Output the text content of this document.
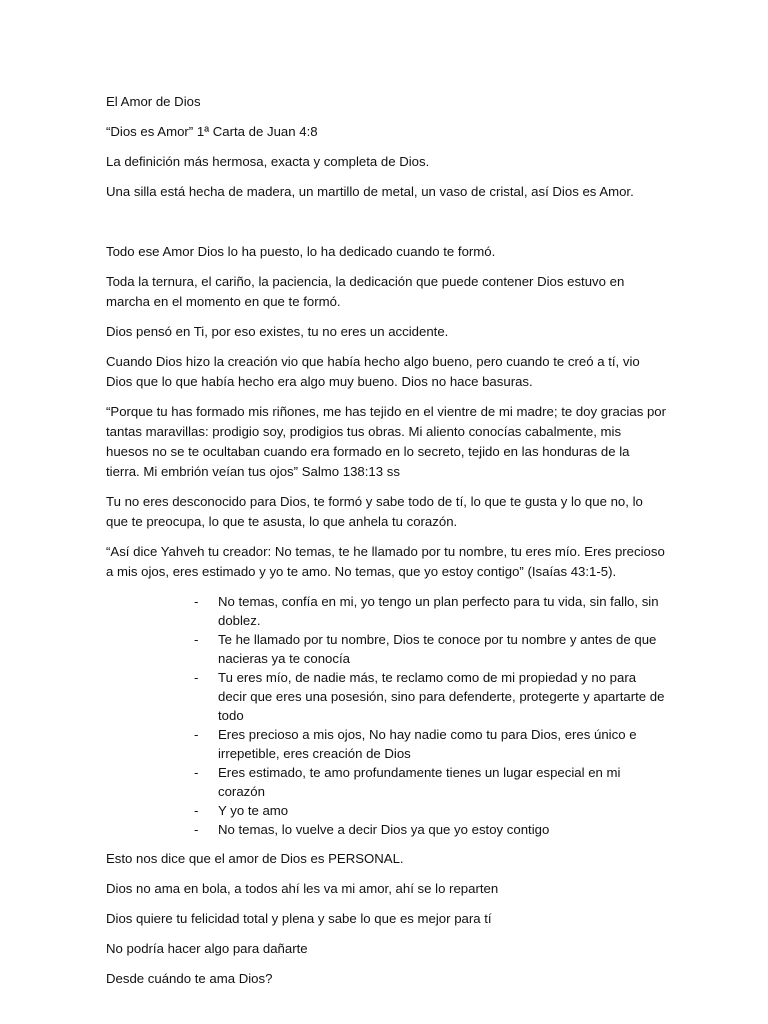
El Amor de Dios

“Dios es Amor” 1ª Carta de Juan 4:8

La definición más hermosa, exacta y completa de Dios.

Una silla está hecha de madera, un martillo de metal, un vaso de cristal, así Dios es Amor.

Todo ese Amor Dios lo ha puesto, lo ha dedicado cuando te formó.

Toda la ternura, el cariño, la paciencia, la dedicación que puede contener Dios estuvo en marcha en el momento en que te formó.

Dios pensó en Ti, por eso existes, tu no eres un accidente.

Cuando Dios hizo la creación vio que había hecho algo bueno, pero cuando te creó a tí, vio Dios que lo que había hecho era algo muy bueno. Dios no hace basuras.

“Porque tu has formado mis riñones, me has tejido en el vientre de mi madre; te doy gracias por tantas maravillas: prodigio soy, prodigios tus obras. Mi aliento conocías cabalmente, mis huesos no se te ocultaban cuando era formado en lo secreto, tejido en las honduras de la tierra. Mi embrión veían tus ojos” Salmo 138:13 ss

Tu no eres desconocido para Dios, te formó y sabe todo de tí, lo que te gusta y lo que no, lo que te preocupa, lo que te asusta, lo que anhela tu corazón.

“Así dice Yahveh tu creador: No temas, te he llamado por tu nombre, tu eres mío. Eres precioso a mis ojos, eres estimado y yo te amo. No temas, que yo estoy contigo” (Isaías 43:1-5).

- No temas, confía en mi, yo tengo un plan perfecto para tu vida, sin fallo, sin doblez.
- Te he llamado por tu nombre, Dios te conoce por tu nombre y antes de que nacieras ya te conocía
- Tu eres mío, de nadie más, te reclamo como de mi propiedad y no para decir que eres una posesión, sino para defenderte, protegerte y apartarte de todo
- Eres precioso a mis ojos, No hay nadie como tu para Dios, eres único e irrepetible, eres creación de Dios
- Eres estimado, te amo profundamente tienes un lugar especial en mi corazón
- Y yo te amo
- No temas, lo vuelve a decir Dios ya que yo estoy contigo

Esto nos dice que el amor de Dios es PERSONAL.

Dios no ama en bola, a todos ahí les va mi amor, ahí se lo reparten

Dios quiere tu felicidad total y plena y sabe lo que es mejor para tí

No podría hacer algo para dañarte

Desde cuándo te ama Dios?
